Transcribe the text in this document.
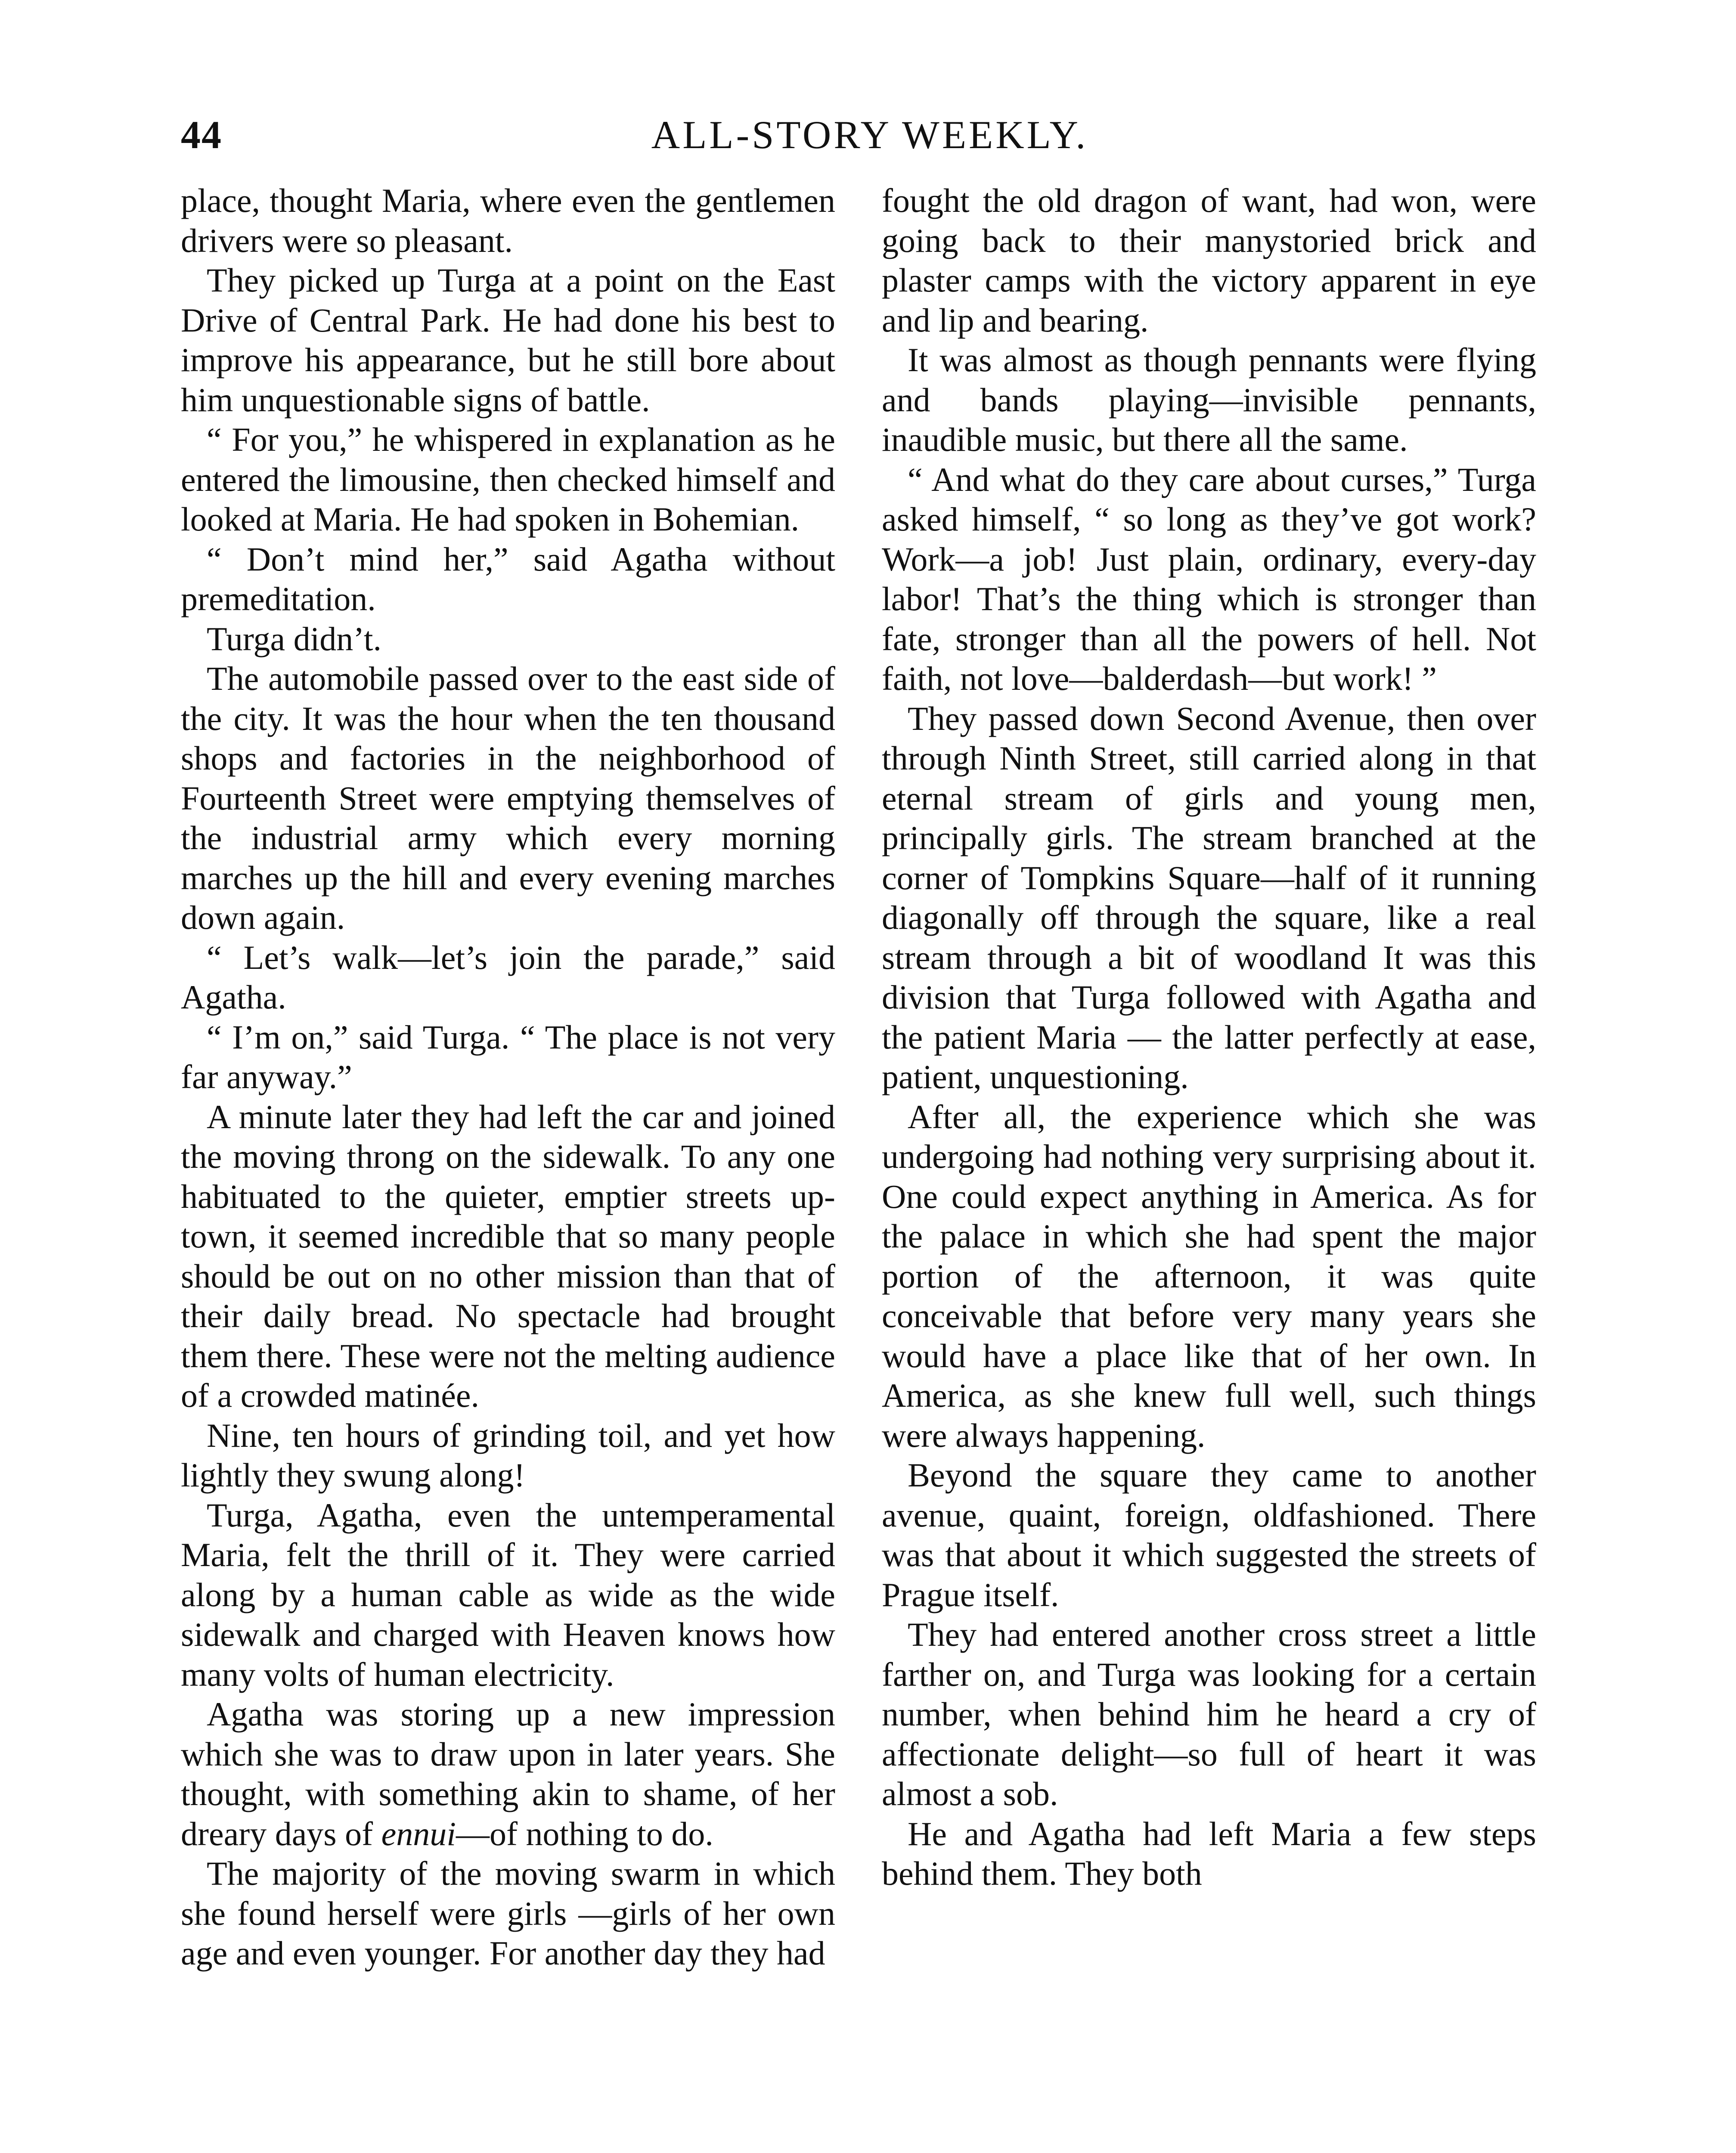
44	ALL-STORY WEEKLY.

place, thought Maria, where even the gentlemen drivers were so pleasant.

They picked up Turga at a point on the East Drive of Central Park. He had done his best to improve his appearance, but he still bore about him unquestionable signs of battle.

“ For you,” he whispered in explanation as he entered the limousine, then checked himself and looked at Maria. He had spoken in Bohemian.

“ Don’t mind her,” said Agatha without premeditation.

Turga didn’t.

The automobile passed over to the east side of the city. It was the hour when the ten thousand shops and factories in the neighborhood of Fourteenth Street were emptying themselves of the industrial army which every morning marches up the hill and every evening marches down again.

“ Let’s walk—let’s join the parade,” said Agatha.

“ I’m on,” said Turga. “ The place is not very far anyway.”

A minute later they had left the car and joined the moving throng on the sidewalk. To any one habituated to the quieter, emptier streets up-town, it seemed incredible that so many people should be out on no other mission than that of their daily bread. No spectacle had brought them there. These were not the melting audience of a crowded matinée.

Nine, ten hours of grinding toil, and yet how lightly they swung along!

Turga, Agatha, even the untemperamental Maria, felt the thrill of it. They were carried along by a human cable as wide as the wide sidewalk and charged with Heaven knows how many volts of human electricity.

Agatha was storing up a new impression which she was to draw upon in later years. She thought, with something akin to shame, of her dreary days of ennui—of nothing to do.

The majority of the moving swarm in which she found herself were girls —girls of her own age and even younger. For another day they had

fought the old dragon of want, had won, were going back to their manystoried brick and plaster camps with the victory apparent in eye and lip and bearing.

It was almost as though pennants were flying and bands playing—invisible pennants, inaudible music, but there all the same.

“ And what do they care about curses,” Turga asked himself, “ so long as they’ve got work? Work—a job! Just plain, ordinary, every-day labor! That’s the thing which is stronger than fate, stronger than all the powers of hell. Not faith, not love—balderdash—but work! ”

They passed down Second Avenue, then over through Ninth Street, still carried along in that eternal stream of girls and young men, principally girls. The stream branched at the corner of Tompkins Square—half of it running diagonally off through the square, like a real stream through a bit of woodland It was this division that Turga followed with Agatha and the patient Maria — the latter perfectly at ease, patient, unquestioning.

After all, the experience which she was undergoing had nothing very surprising about it. One could expect anything in America. As for the palace in which she had spent the major portion of the afternoon, it was quite conceivable that before very many years she would have a place like that of her own. In America, as she knew full well, such things were always happening.

Beyond the square they came to another avenue, quaint, foreign, oldfashioned. There was that about it which suggested the streets of Prague itself.

They had entered another cross street a little farther on, and Turga was looking for a certain number, when behind him he heard a cry of affectionate delight—so full of heart it was almost a sob.

He and Agatha had left Maria a few steps behind them. They both
